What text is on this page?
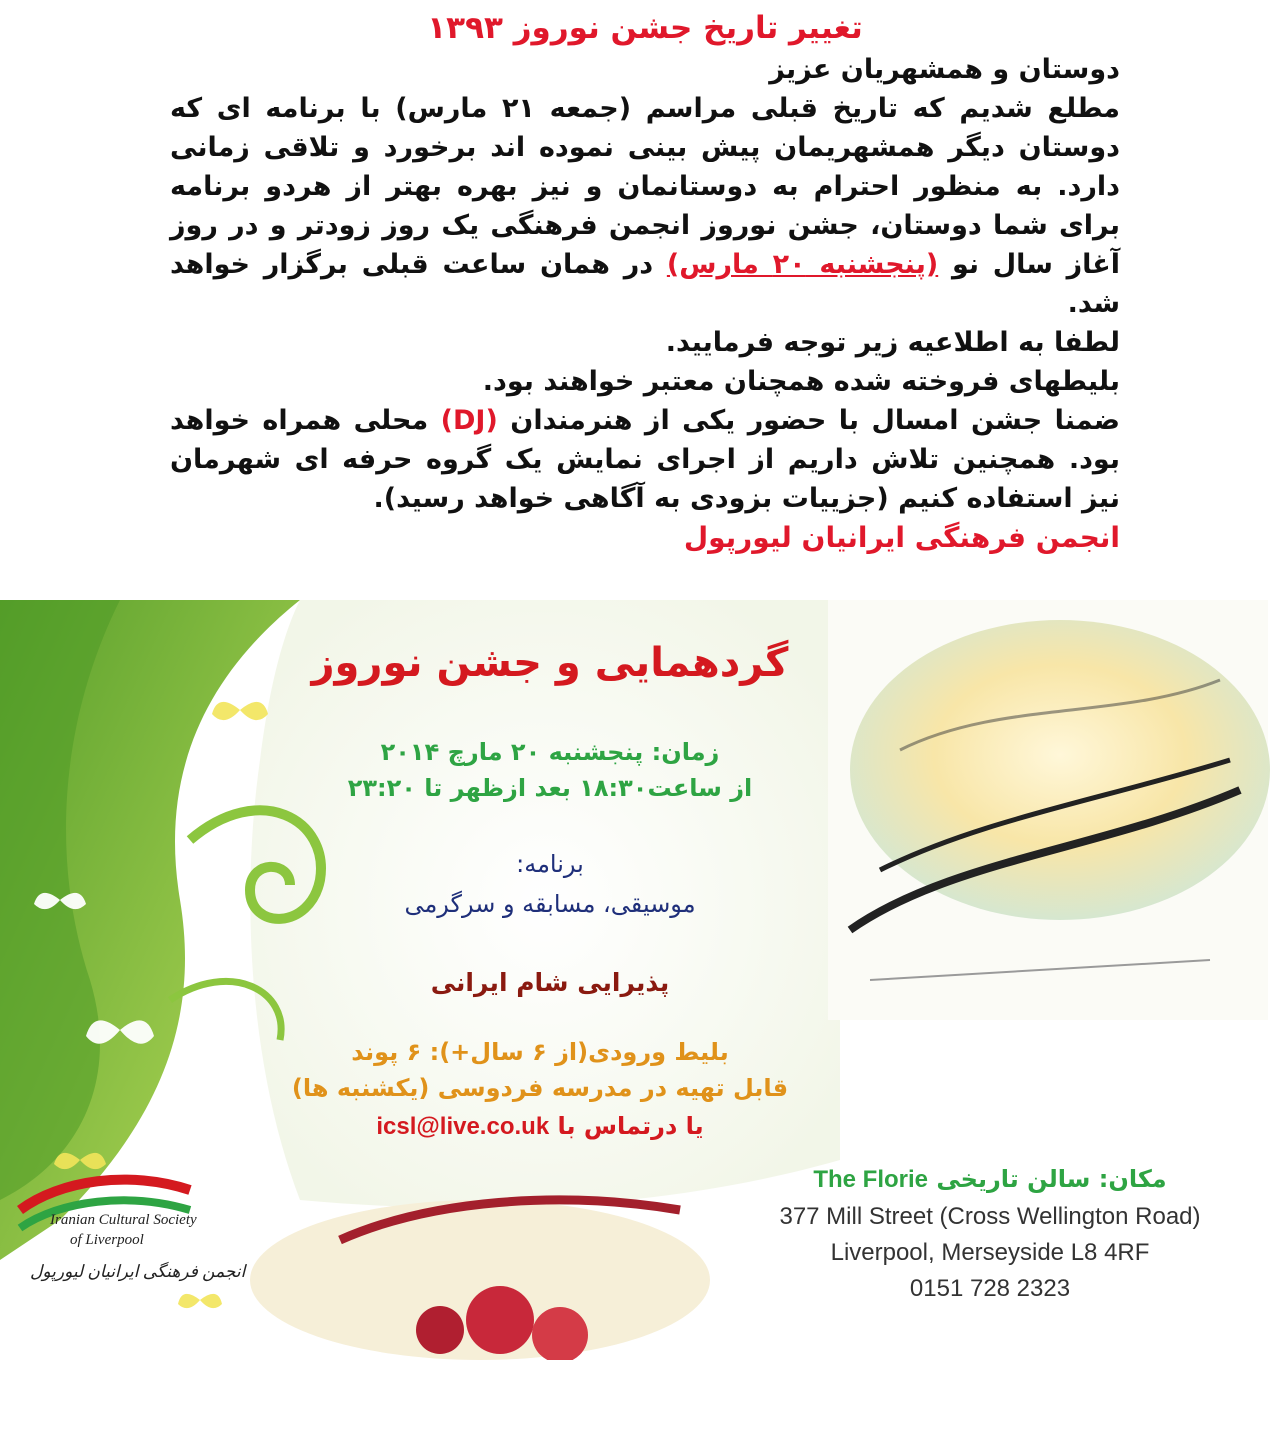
تغییر تاریخ جشن نوروز ۱۳۹۳

دوستان و همشهریان عزیز

مطلع شدیم که تاریخ قبلی مراسم (جمعه ۲۱ مارس) با برنامه ای که دوستان دیگر همشهریمان پیش بینی نموده اند برخورد و تلاقی زمانی دارد. به منظور احترام به دوستانمان و نیز بهره بهتر از هردو برنامه برای شما دوستان، جشن نوروز انجمن فرهنگی یک روز زودتر و در روز آغاز سال نو (پنجشنبه ۲۰ مارس) در همان ساعت قبلی برگزار خواهد شد.

لطفا به اطلاعیه زیر توجه فرمایید.

بلیطهای فروخته شده همچنان معتبر خواهند بود.

ضمنا جشن امسال با حضور یکی از هنرمندان (DJ) محلی همراه خواهد بود. همچنین تلاش داریم از اجرای نمایش یک گروه حرفه ای شهرمان نیز استفاده کنیم (جزییات بزودی به آگاهی خواهد رسید).

انجمن فرهنگی ایرانیان لیورپول

گردهمایی و جشن نوروز
زمان: پنجشنبه ۲۰ مارچ ۲۰۱۴
از ساعت۱۸:۳۰ بعد ازظهر تا ۲۳:۲۰
برنامه:
موسیقی، مسابقه و سرگرمی
پذیرایی شام ایرانی
بلیط ورودی(از ۶ سال+): ۶ پوند
قابل تهیه در مدرسه فردوسی (یکشنبه ها)
یا درتماس با icsl@live.co.uk
مکان: سالن تاریخی The Florie
377 Mill Street (Cross Wellington Road)
Liverpool, Merseyside L8 4RF
0151 728 2323
Iranian Cultural Society
of Liverpool
انجمن فرهنگی ایرانیان لیورپول
